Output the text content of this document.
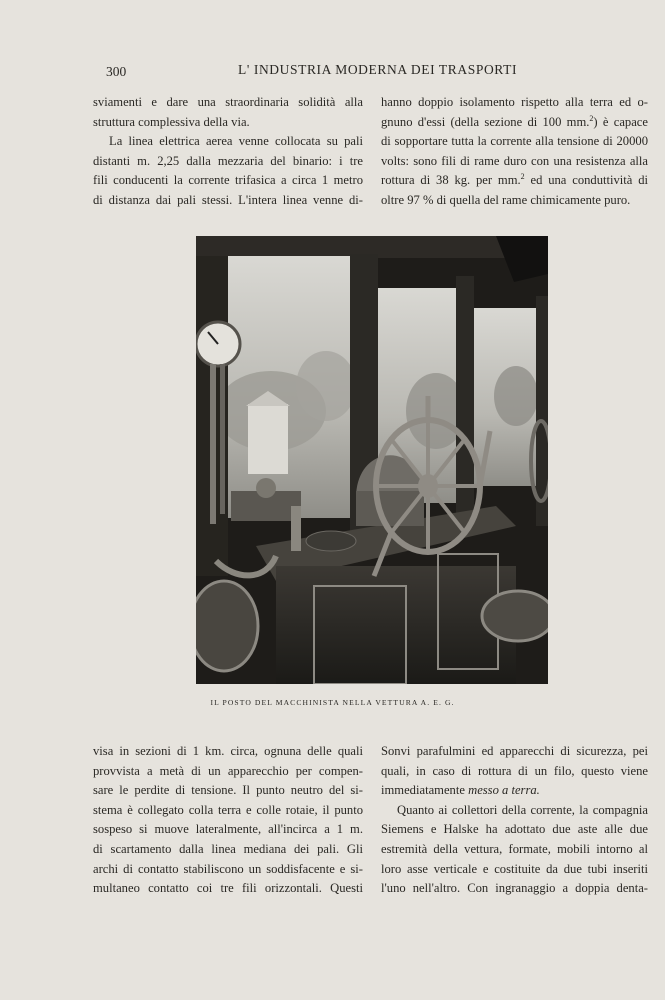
300	L' INDUSTRIA MODERNA DEI TRASPORTI
sviamenti e dare una straordinaria solidità alla
struttura complessiva della via.
La linea elettrica aerea venne collocata su pali
distanti m. 2,25 dalla mezzaria del binario: i tre
fili conducenti la corrente trifasica a circa 1 metro
di distanza dai pali stessi. L'intera linea venne di-
hanno doppio isolamento rispetto alla terra ed o-
gnuno d'essi (della sezione di 100 mm.$^2$) è capace
di sopportare tutta la corrente alla tensione di 20000
volts: sono fili di rame duro con una resistenza alla
rottura di 38 kg. per mm.$^2$ ed una conduttività di
oltre 97 % di quella del rame chimicamente puro.
IL POSTO DEL MACCHINISTA NELLA VETTURA A. E. G.
visa in sezioni di 1 km. circa, ognuna delle quali
provvista a metà di un apparecchio per compen-
sare le perdite di tensione. Il punto neutro del si-
stema è collegato colla terra e colle rotaie, il punto
sospeso si muove lateralmente, all'incirca a 1 m.
di scartamento dalla linea mediana dei pali. Gli
archi di contatto stabiliscono un soddisfacente e si-
multaneo contatto coi tre fili orizzontali. Questi
Sonvi parafulmini ed apparecchi di sicurezza, pei
quali, in caso di rottura di un filo, questo viene
immediatamente messo a terra.
Quanto ai collettori della corrente, la compagnia
Siemens e Halske ha adottato due aste alle due
estremità della vettura, formate, mobili intorno al
loro asse verticale e costituite da due tubi inseriti
l'uno nell'altro. Con ingranaggio a doppia denta-
